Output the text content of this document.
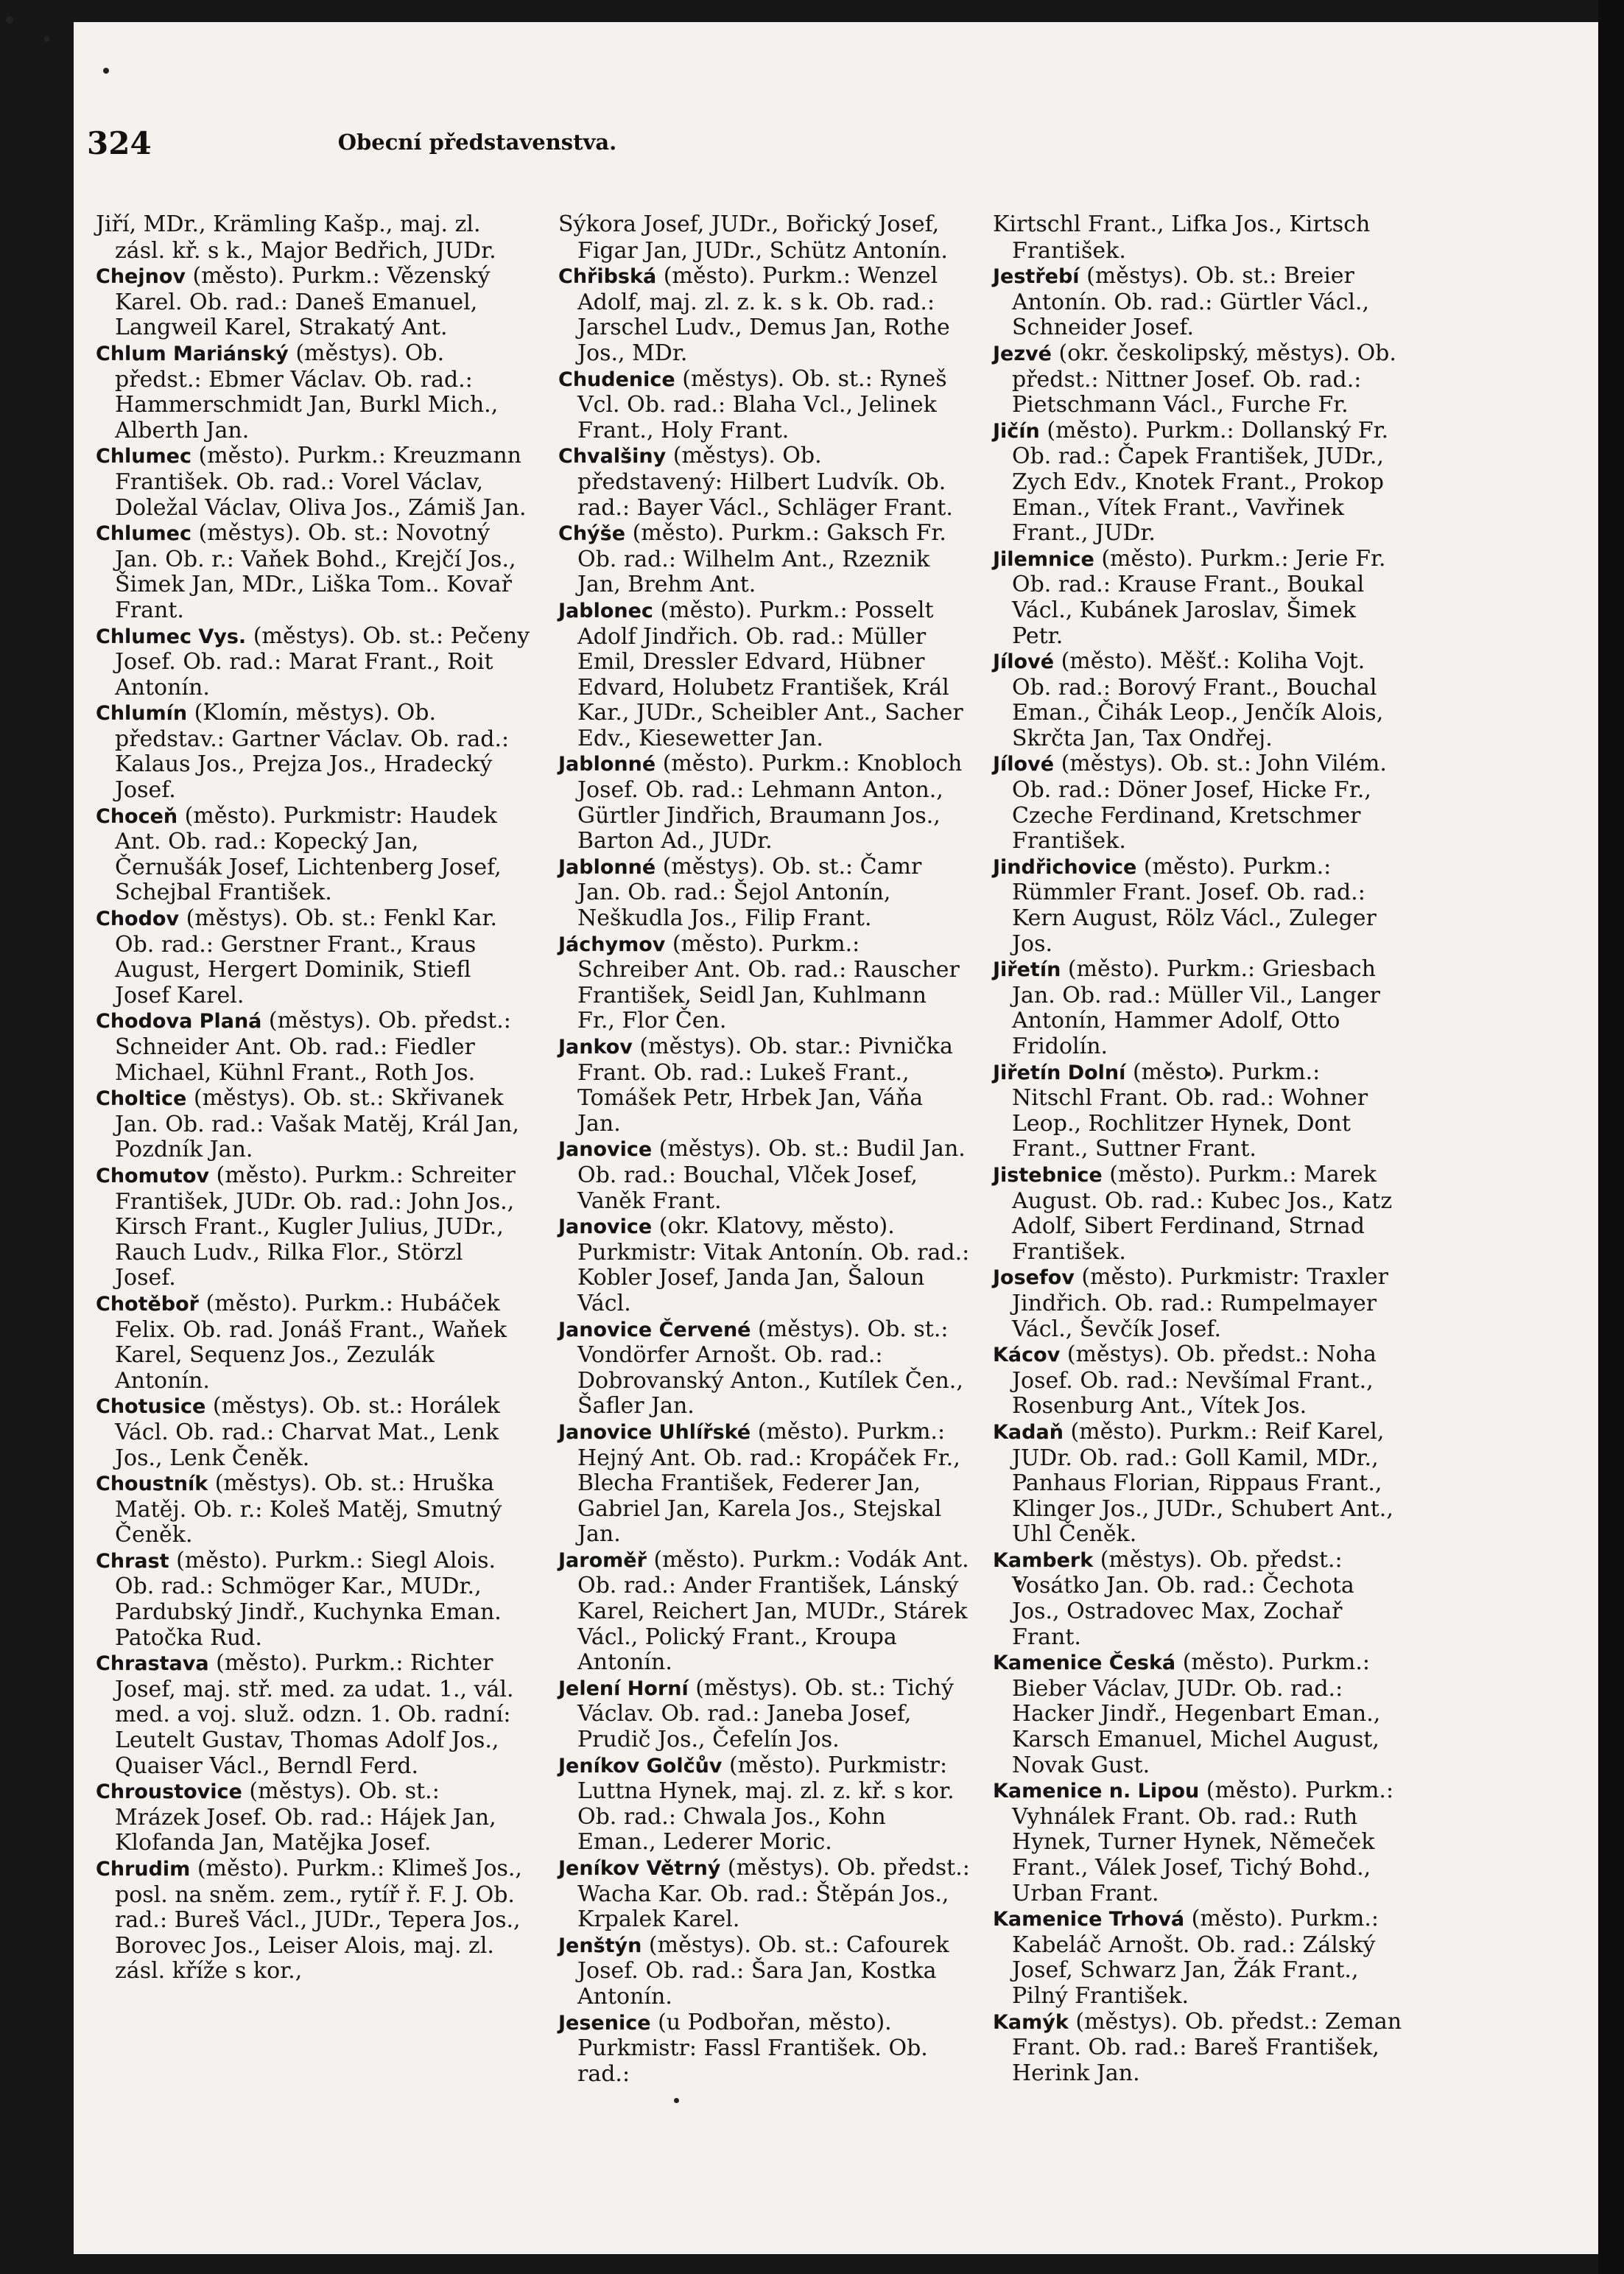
324	Obecní představenstva.
Jiří, MDr., Krämling Kašp., maj. zl. zásl. kř. s k., Major Bedřich, JUDr.
Chejnov (město). Purkm.: Vězenský Karel. Ob. rad.: Daneš Emanuel, Langweil Karel, Strakatý Ant.
Chlum Mariánský (městys). Ob. předst.: Ebmer Václav. Ob. rad.: Hammerschmidt Jan, Burkl Mich., Alberth Jan.
Chlumec (město). Purkm.: Kreuzmann František. Ob. rad.: Vorel Václav, Doležal Václav, Oliva Jos., Zámiš Jan.
Chlumec (městys). Ob. st.: Novotný Jan. Ob. r.: Vaňek Bohd., Krejčí Jos., Šimek Jan, MDr., Liška Tom.. Kovař Frant.
Chlumec Vys. (městys). Ob. st.: Pečeny Josef. Ob. rad.: Marat Frant., Roit Antonín.
Chlumín (Klomín, městys). Ob. představ.: Gartner Václav. Ob. rad.: Kalaus Jos., Prejza Jos., Hradecký Josef.
Choceň (město). Purkmistr: Haudek Ant. Ob. rad.: Kopecký Jan, Černušák Josef, Lichtenberg Josef, Schejbal František.
Chodov (městys). Ob. st.: Fenkl Kar. Ob. rad.: Gerstner Frant., Kraus August, Hergert Dominik, Stiefl Josef Karel.
Chodova Planá (městys). Ob. předst.: Schneider Ant. Ob. rad.: Fiedler Michael, Kühnl Frant., Roth Jos.
Choltice (městys). Ob. st.: Skřivanek Jan. Ob. rad.: Vašak Matěj, Král Jan, Pozdník Jan.
Chomutov (město). Purkm.: Schreiter František, JUDr. Ob. rad.: John Jos., Kirsch Frant., Kugler Julius, JUDr., Rauch Ludv., Rilka Flor., Störzl Josef.
Chotěboř (město). Purkm.: Hubáček Felix. Ob. rad. Jonáš Frant., Waňek Karel, Sequenz Jos., Zezulák Antonín.
Chotusice (městys). Ob. st.: Horálek Václ. Ob. rad.: Charvat Mat., Lenk Jos., Lenk Čeněk.
Choustník (městys). Ob. st.: Hruška Matěj. Ob. r.: Koleš Matěj, Smutný Čeněk.
Chrast (město). Purkm.: Siegl Alois. Ob. rad.: Schmöger Kar., MUDr., Pardubský Jindř., Kuchynka Eman. Patočka Rud.
Chrastava (město). Purkm.: Richter Josef, maj. stř. med. za udat. 1., vál. med. a voj. služ. odzn. 1. Ob. radní: Leutelt Gustav, Thomas Adolf Jos., Quaiser Václ., Berndl Ferd.
Chroustovice (městys). Ob. st.: Mrázek Josef. Ob. rad.: Hájek Jan, Klofanda Jan, Matějka Josef.
Chrudim (město). Purkm.: Klimeš Jos., posl. na sněm. zem., rytíř ř. F. J. Ob. rad.: Bureš Václ., JUDr., Tepera Jos., Borovec Jos., Leiser Alois, maj. zl. zásl. kříže s kor.,
Sýkora Josef, JUDr., Bořický Josef, Figar Jan, JUDr., Schütz Antonín.
Chřibská (město). Purkm.: Wenzel Adolf, maj. zl. z. k. s k. Ob. rad.: Jarschel Ludv., Demus Jan, Rothe Jos., MDr.
Chudenice (městys). Ob. st.: Ryneš Vcl. Ob. rad.: Blaha Vcl., Jelinek Frant., Holy Frant.
Chvalšiny (městys). Ob. představený: Hilbert Ludvík. Ob. rad.: Bayer Václ., Schläger Frant.
Chýše (město). Purkm.: Gaksch Fr. Ob. rad.: Wilhelm Ant., Rzeznik Jan, Brehm Ant.
Jablonec (město). Purkm.: Posselt Adolf Jindřich. Ob. rad.: Müller Emil, Dressler Edvard, Hübner Edvard, Holubetz František, Král Kar., JUDr., Scheibler Ant., Sacher Edv., Kiesewetter Jan.
Jablonné (město). Purkm.: Knobloch Josef. Ob. rad.: Lehmann Anton., Gürtler Jindřich, Braumann Jos., Barton Ad., JUDr.
Jablonné (městys). Ob. st.: Čamr Jan. Ob. rad.: Šejol Antonín, Neškudla Jos., Filip Frant.
Jáchymov (město). Purkm.: Schreiber Ant. Ob. rad.: Rauscher František, Seidl Jan, Kuhlmann Fr., Flor Čen.
Jankov (městys). Ob. star.: Pivnička Frant. Ob. rad.: Lukeš Frant., Tomášek Petr, Hrbek Jan, Váňa Jan.
Janovice (městys). Ob. st.: Budil Jan. Ob. rad.: Bouchal, Vlček Josef, Vaněk Frant.
Janovice (okr. Klatovy, město). Purkmistr: Vitak Antonín. Ob. rad.: Kobler Josef, Janda Jan, Šaloun Václ.
Janovice Červené (městys). Ob. st.: Vondörfer Arnošt. Ob. rad.: Dobrovanský Anton., Kutílek Čen., Šafler Jan.
Janovice Uhlířské (město). Purkm.: Hejný Ant. Ob. rad.: Kropáček Fr., Blecha František, Federer Jan, Gabriel Jan, Karela Jos., Stejskal Jan.
Jaroměř (město). Purkm.: Vodák Ant. Ob. rad.: Ander František, Lánský Karel, Reichert Jan, MUDr., Stárek Václ., Polický Frant., Kroupa Antonín.
Jelení Horní (městys). Ob. st.: Tichý Václav. Ob. rad.: Janeba Josef, Prudič Jos., Čefelín Jos.
Jeníkov Golčův (město). Purkmistr: Luttna Hynek, maj. zl. z. kř. s kor. Ob. rad.: Chwala Jos., Kohn Eman., Lederer Moric.
Jeníkov Větrný (městys). Ob. předst.: Wacha Kar. Ob. rad.: Štěpán Jos., Krpalek Karel.
Jenštýn (městys). Ob. st.: Cafourek Josef. Ob. rad.: Šara Jan, Kostka Antonín.
Jesenice (u Podbořan, město). Purkmistr: Fassl František. Ob. rad.:
Kirtschl Frant., Lifka Jos., Kirtsch František.
Jestřebí (městys). Ob. st.: Breier Antonín. Ob. rad.: Gürtler Václ., Schneider Josef.
Jezvé (okr. českolipský, městys). Ob. předst.: Nittner Josef. Ob. rad.: Pietschmann Václ., Furche Fr.
Jičín (město). Purkm.: Dollanský Fr. Ob. rad.: Čapek František, JUDr., Zych Edv., Knotek Frant., Prokop Eman., Vítek Frant., Vavřinek Frant., JUDr.
Jilemnice (město). Purkm.: Jerie Fr. Ob. rad.: Krause Frant., Boukal Václ., Kubánek Jaroslav, Šimek Petr.
Jílové (město). Měšť.: Koliha Vojt. Ob. rad.: Borový Frant., Bouchal Eman., Čihák Leop., Jenčík Alois, Skrčta Jan, Tax Ondřej.
Jílové (městys). Ob. st.: John Vilém. Ob. rad.: Döner Josef, Hicke Fr., Czeche Ferdinand, Kretschmer František.
Jindřichovice (město). Purkm.: Rümmler Frant. Josef. Ob. rad.: Kern August, Rölz Václ., Zuleger Jos.
Jiřetín (město). Purkm.: Griesbach Jan. Ob. rad.: Müller Vil., Langer Antonín, Hammer Adolf, Otto Fridolín.
Jiřetín Dolní (město). Purkm.: Nitschl Frant. Ob. rad.: Wohner Leop., Rochlitzer Hynek, Dont Frant., Suttner Frant.
Jistebnice (město). Purkm.: Marek August. Ob. rad.: Kubec Jos., Katz Adolf, Sibert Ferdinand, Strnad František.
Josefov (město). Purkmistr: Traxler Jindřich. Ob. rad.: Rumpelmayer Václ., Ševčík Josef.
Kácov (městys). Ob. předst.: Noha Josef. Ob. rad.: Nevšímal Frant., Rosenburg Ant., Vítek Jos.
Kadaň (město). Purkm.: Reif Karel, JUDr. Ob. rad.: Goll Kamil, MDr., Panhaus Florian, Rippaus Frant., Klinger Jos., JUDr., Schubert Ant., Uhl Čeněk.
Kamberk (městys). Ob. předst.: Vosátko Jan. Ob. rad.: Čechota Jos., Ostradovec Max, Zochař Frant.
Kamenice Česká (město). Purkm.: Bieber Václav, JUDr. Ob. rad.: Hacker Jindř., Hegenbart Eman., Karsch Emanuel, Michel August, Novak Gust.
Kamenice n. Lipou (město). Purkm.: Vyhnálek Frant. Ob. rad.: Ruth Hynek, Turner Hynek, Němeček Frant., Válek Josef, Tichý Bohd., Urban Frant.
Kamenice Trhová (město). Purkm.: Kabeláč Arnošt. Ob. rad.: Zálský Josef, Schwarz Jan, Žák Frant., Pilný František.
Kamýk (městys). Ob. předst.: Zeman Frant. Ob. rad.: Bareš František, Herink Jan.
